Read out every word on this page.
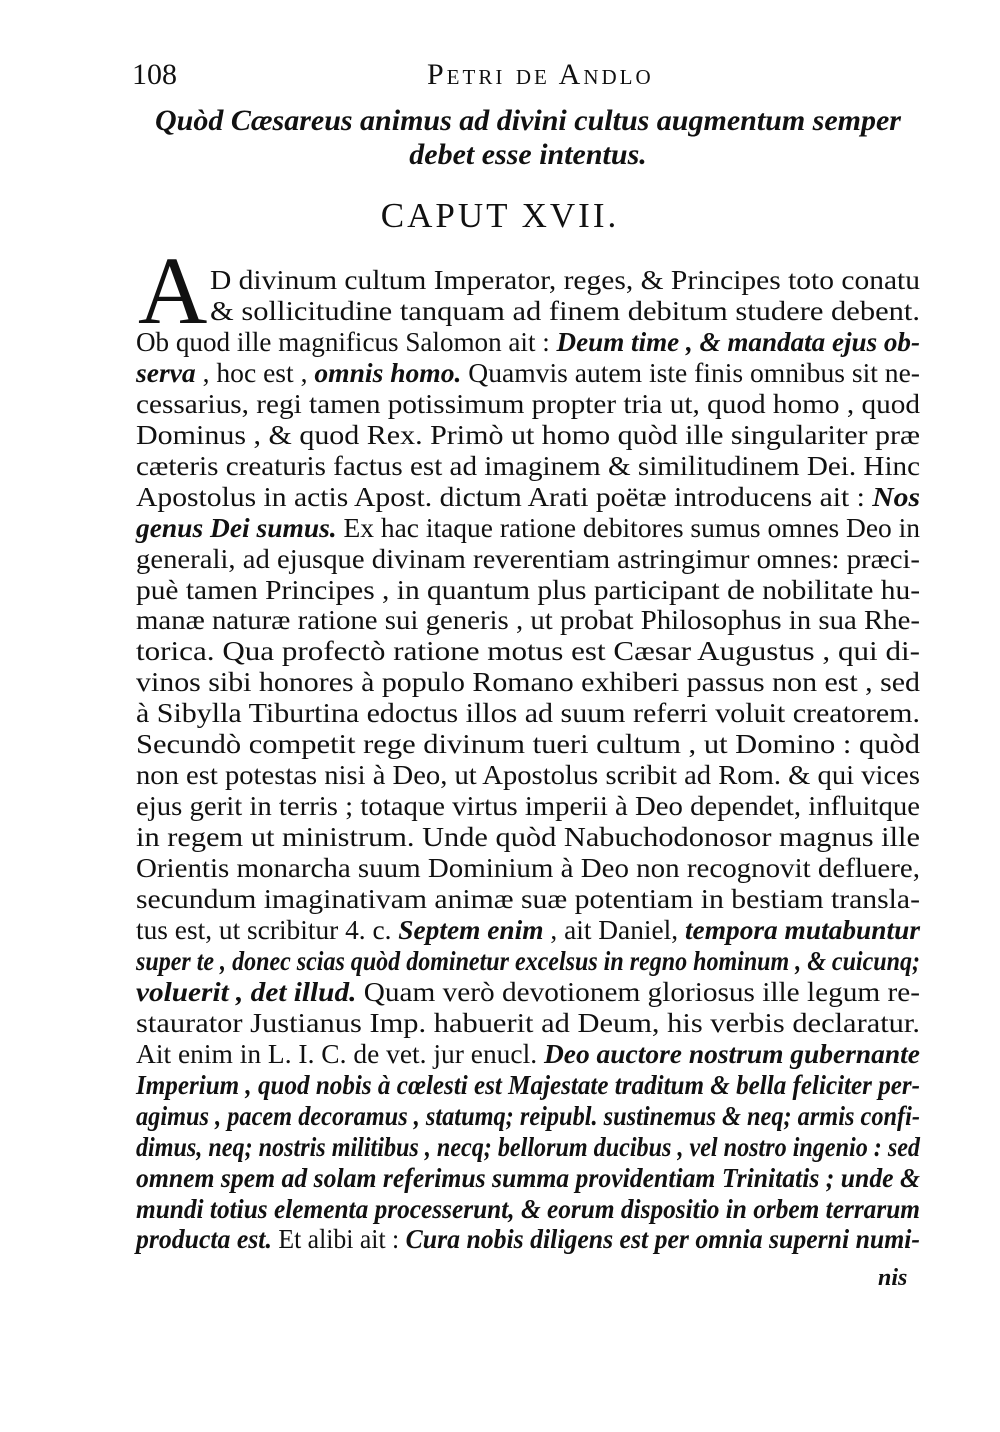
108	Petri de Andlo
Quòd Cæsareus animus ad divini cultus augmentum semper debet esse intentus.
CAPUT XVII.
A D divinum cultum Imperator, reges, & Principes toto conatu
& sollicitudine tanquam ad finem debitum studere debent.
Ob quod ille magnificus Salomon ait : Deum time , & mandata ejus ob-
serva , hoc est , omnis homo. Quamvis autem iste finis omnibus sit ne-
cessarius, regi tamen potissimum propter tria ut, quod homo , quod
Dominus , & quod Rex. Primò ut homo quòd ille singulariter præ
cæteris creaturis factus est ad imaginem & similitudinem Dei. Hinc
Apostolus in actis Apost. dictum Arati poëtæ introducens ait : Nos
genus Dei sumus. Ex hac itaque ratione debitores sumus omnes Deo in
generali, ad ejusque divinam reverentiam astringimur omnes: præci-
puè tamen Principes , in quantum plus participant de nobilitate hu-
manæ naturæ ratione sui generis , ut probat Philosophus in sua Rhe-
torica. Qua profectò ratione motus est Cæsar Augustus , qui di-
vinos sibi honores à populo Romano exhiberi passus non est , sed
à Sibylla Tiburtina edoctus illos ad suum referri voluit creatorem.
Secundò competit rege divinum tueri cultum , ut Domino : quòd
non est potestas nisi à Deo, ut Apostolus scribit ad Rom. & qui vices
ejus gerit in terris ; totaque virtus imperii à Deo dependet, influitque
in regem ut ministrum. Unde quòd Nabuchodonosor magnus ille
Orientis monarcha suum Dominium à Deo non recognovit defluere,
secundum imaginativam animæ suæ potentiam in bestiam transla-
tus est, ut scribitur 4. c. Septem enim , ait Daniel, tempora mutabuntur
super te , donec scias quòd dominetur excelsus in regno hominum , & cuicunq;
voluerit , det illud. Quam verò devotionem gloriosus ille legum re-
staurator Justianus Imp. habuerit ad Deum, his verbis declaratur.
Ait enim in L. I. C. de vet. jur enucl. Deo auctore nostrum gubernante
Imperium , quod nobis à cœlesti est Majestate traditum & bella feliciter per-
agimus , pacem decoramus , statumq; reipubl. sustinemus & neq; armis confi-
dimus, neq; nostris militibus , necq; bellorum ducibus , vel nostro ingenio : sed
omnem spem ad solam referimus summa providentiam Trinitatis ; unde &
mundi totius elementa processerunt, & eorum dispositio in orbem terrarum
producta est. Et alibi ait : Cura nobis diligens est per omnia superni numi-
nis
